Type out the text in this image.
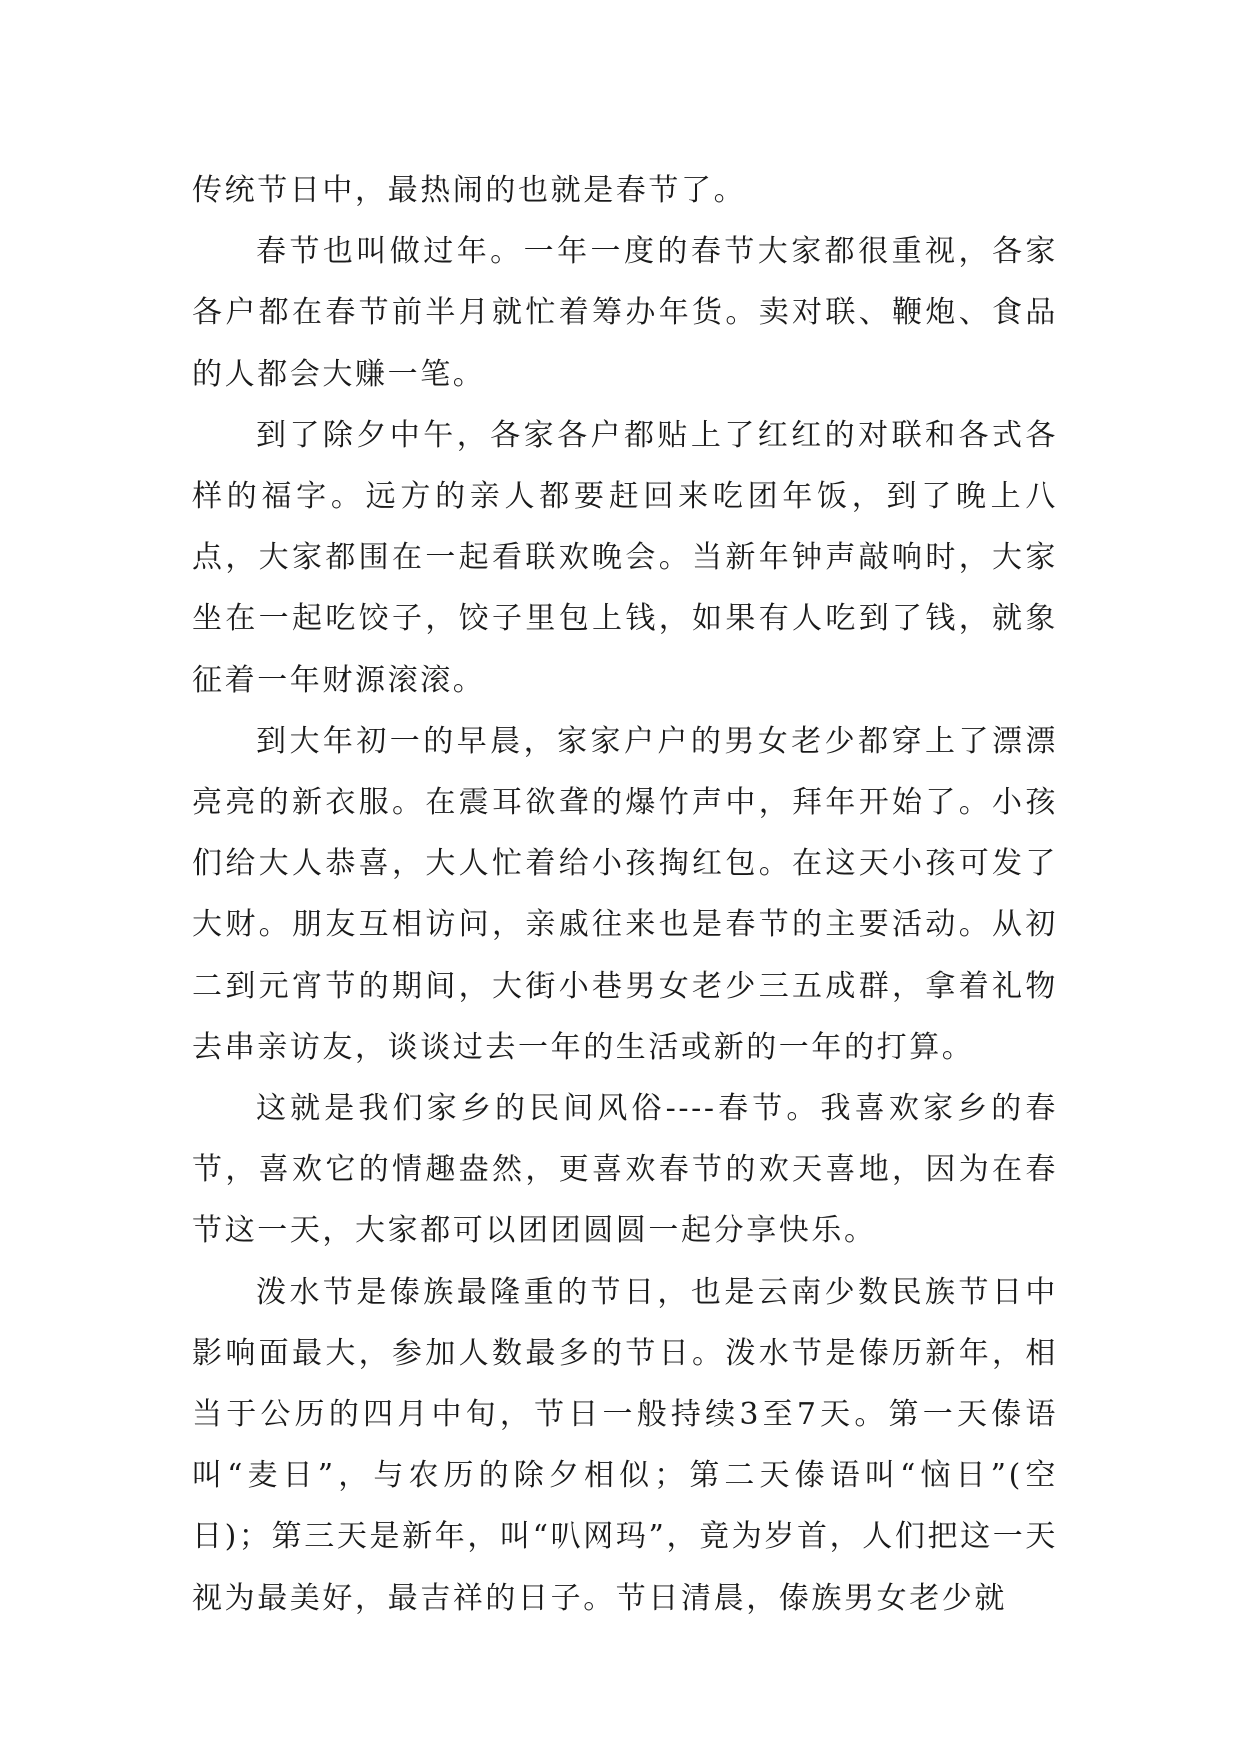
传统节日中，最热闹的也就是春节了。

春节也叫做过年。一年一度的春节大家都很重视，各家各户都在春节前半月就忙着筹办年货。卖对联、鞭炮、食品的人都会大赚一笔。

到了除夕中午，各家各户都贴上了红红的对联和各式各样的福字。远方的亲人都要赶回来吃团年饭，到了晚上八点，大家都围在一起看联欢晚会。当新年钟声敲响时，大家坐在一起吃饺子，饺子里包上钱，如果有人吃到了钱，就象征着一年财源滚滚。

到大年初一的早晨，家家户户的男女老少都穿上了漂漂亮亮的新衣服。在震耳欲聋的爆竹声中，拜年开始了。小孩们给大人恭喜，大人忙着给小孩掏红包。在这天小孩可发了大财。朋友互相访问，亲戚往来也是春节的主要活动。从初二到元宵节的期间，大街小巷男女老少三五成群，拿着礼物去串亲访友，谈谈过去一年的生活或新的一年的打算。

这就是我们家乡的民间风俗----春节。我喜欢家乡的春节，喜欢它的情趣盎然，更喜欢春节的欢天喜地，因为在春节这一天，大家都可以团团圆圆一起分享快乐。

泼水节是傣族最隆重的节日，也是云南少数民族节日中影响面最大，参加人数最多的节日。泼水节是傣历新年，相当于公历的四月中旬，节日一般持续3至7天。第一天傣语叫“麦日”，与农历的除夕相似；第二天傣语叫“恼日”(空日)；第三天是新年，叫“叭网玛”，竟为岁首，人们把这一天视为最美好，最吉祥的日子。节日清晨，傣族男女老少就
